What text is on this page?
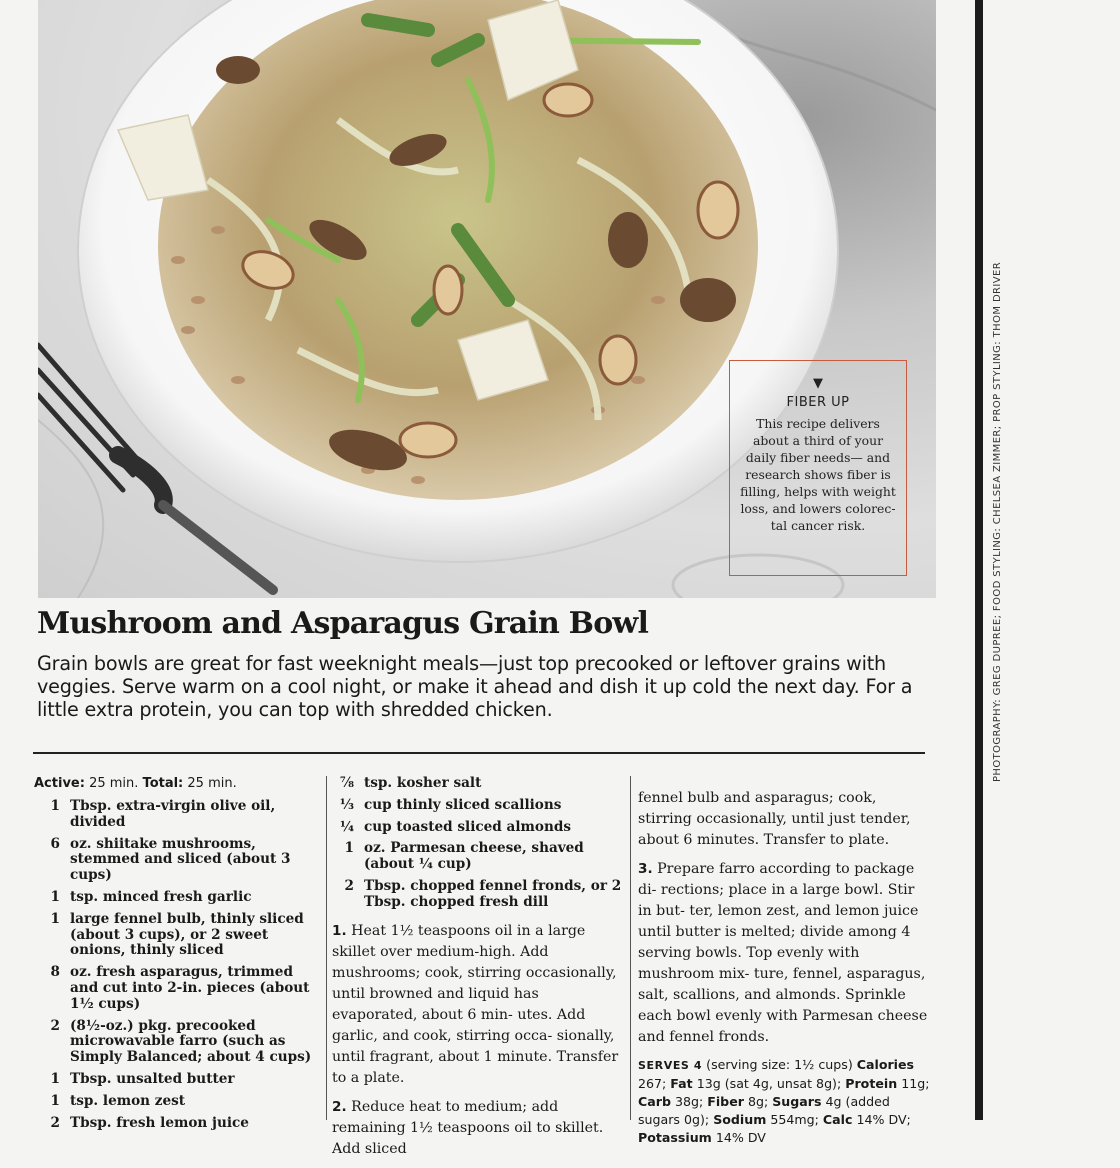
▼
FIBER UP
This recipe delivers about a third of your daily fiber needs— and research shows fiber is filling, helps with weight loss, and lowers colorec- tal cancer risk.	PHOTOGRAPHY: GREG DUPREE; FOOD STYLING: CHELSEA ZIMMER; PROP STYLING: THOM DRIVER
Mushroom and Asparagus Grain Bowl

Grain bowls are great for fast weeknight meals—just top precooked or leftover grains with veggies. Serve warm on a cool night, or make it ahead and dish it up cold the next day. For a little extra protein, you can top with shredded chicken.

Active: 25 min. Total: 25 min.
1 Tbsp. extra-virgin olive oil, divided
6 oz. shiitake mushrooms, stemmed and sliced (about 3 cups)
1 tsp. minced fresh garlic
1 large fennel bulb, thinly sliced (about 3 cups), or 2 sweet onions, thinly sliced
8 oz. fresh asparagus, trimmed and cut into 2-in. pieces (about 1½ cups)
2 (8½-oz.) pkg. precooked microwavable farro (such as Simply Balanced; about 4 cups)
1 Tbsp. unsalted butter
1 tsp. lemon zest
2 Tbsp. fresh lemon juice
⅞ tsp. kosher salt
⅓ cup thinly sliced scallions
¼ cup toasted sliced almonds
1 oz. Parmesan cheese, shaved (about ¼ cup)
2 Tbsp. chopped fennel fronds, or 2 Tbsp. chopped fresh dill

1. Heat 1½ teaspoons oil in a large skillet over medium-high. Add mushrooms; cook, stirring occasionally, until browned and liquid has evaporated, about 6 min- utes. Add garlic, and cook, stirring occa- sionally, until fragrant, about 1 minute. Transfer to a plate.

2. Reduce heat to medium; add remaining 1½ teaspoons oil to skillet. Add sliced

fennel bulb and asparagus; cook, stirring occasionally, until just tender, about 6 minutes. Transfer to plate.

3. Prepare farro according to package di- rections; place in a large bowl. Stir in but- ter, lemon zest, and lemon juice until butter is melted; divide among 4 serving bowls. Top evenly with mushroom mix- ture, fennel, asparagus, salt, scallions, and almonds. Sprinkle each bowl evenly with Parmesan cheese and fennel fronds.

SERVES 4 (serving size: 1½ cups) Calories 267; Fat 13g (sat 4g, unsat 8g); Protein 11g; Carb 38g; Fiber 8g; Sugars 4g (added sugars 0g); Sodium 554mg; Calc 14% DV; Potassium 14% DV
